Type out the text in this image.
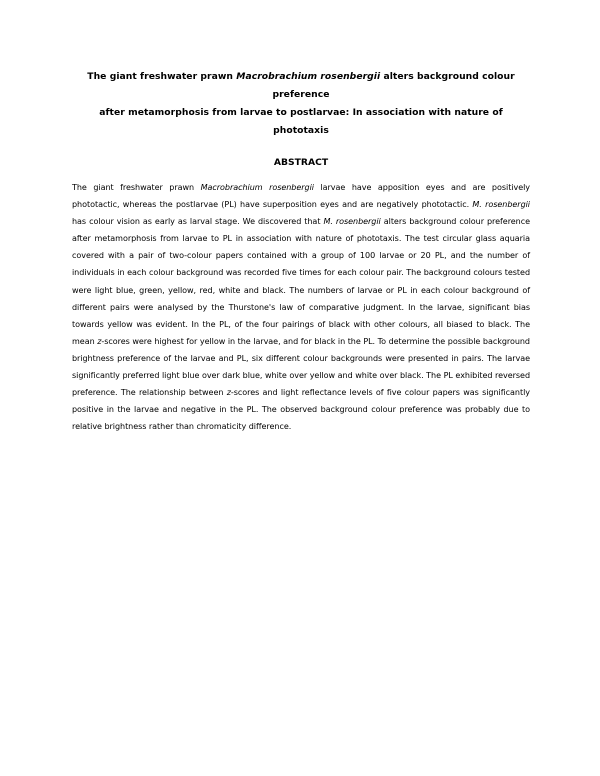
The giant freshwater prawn Macrobrachium rosenbergii alters background colour preference
after metamorphosis from larvae to postlarvae: In association with nature of phototaxis
ABSTRACT

The giant freshwater prawn Macrobrachium rosenbergii larvae have apposition eyes and are positively phototactic, whereas the postlarvae (PL) have superposition eyes and are negatively phototactic. M. rosenbergii has colour vision as early as larval stage. We discovered that M. rosenbergii alters background colour preference after metamorphosis from larvae to PL in association with nature of phototaxis. The test circular glass aquaria covered with a pair of two-colour papers contained with a group of 100 larvae or 20 PL, and the number of individuals in each colour background was recorded five times for each colour pair. The background colours tested were light blue, green, yellow, red, white and black. The numbers of larvae or PL in each colour background of different pairs were analysed by the Thurstone's law of comparative judgment. In the larvae, significant bias towards yellow was evident. In the PL, of the four pairings of black with other colours, all biased to black. The mean z-scores were highest for yellow in the larvae, and for black in the PL. To determine the possible background brightness preference of the larvae and PL, six different colour backgrounds were presented in pairs. The larvae significantly preferred light blue over dark blue, white over yellow and white over black. The PL exhibited reversed preference. The relationship between z-scores and light reflectance levels of five colour papers was significantly positive in the larvae and negative in the PL. The observed background colour preference was probably due to relative brightness rather than chromaticity difference.
